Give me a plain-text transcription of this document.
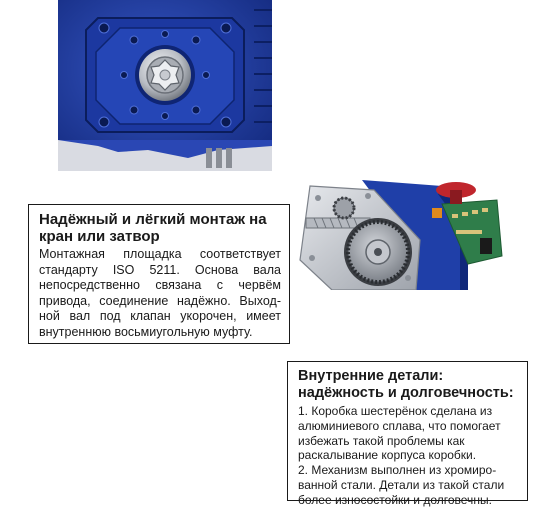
Надёжный и лёгкий монтаж на кран или затвор

Монтажная площадка соответствует стандарту ISO 5211. Основа вала непосредственно связана с червём привода, соединение надёжно. Выход-ной вал под клапан укорочен, имеет внутреннюю восьмиугольную муфту.

Внутренние детали:
надёжность и долговечность:

1. Коробка шестерёнок сделана из алюминиевого сплава, что помогает избежать такой проблемы как раскалывание корпуса коробки.

2. Механизм выполнен из хромиро-ванной стали. Детали из такой стали более износостойки и долговечны.
